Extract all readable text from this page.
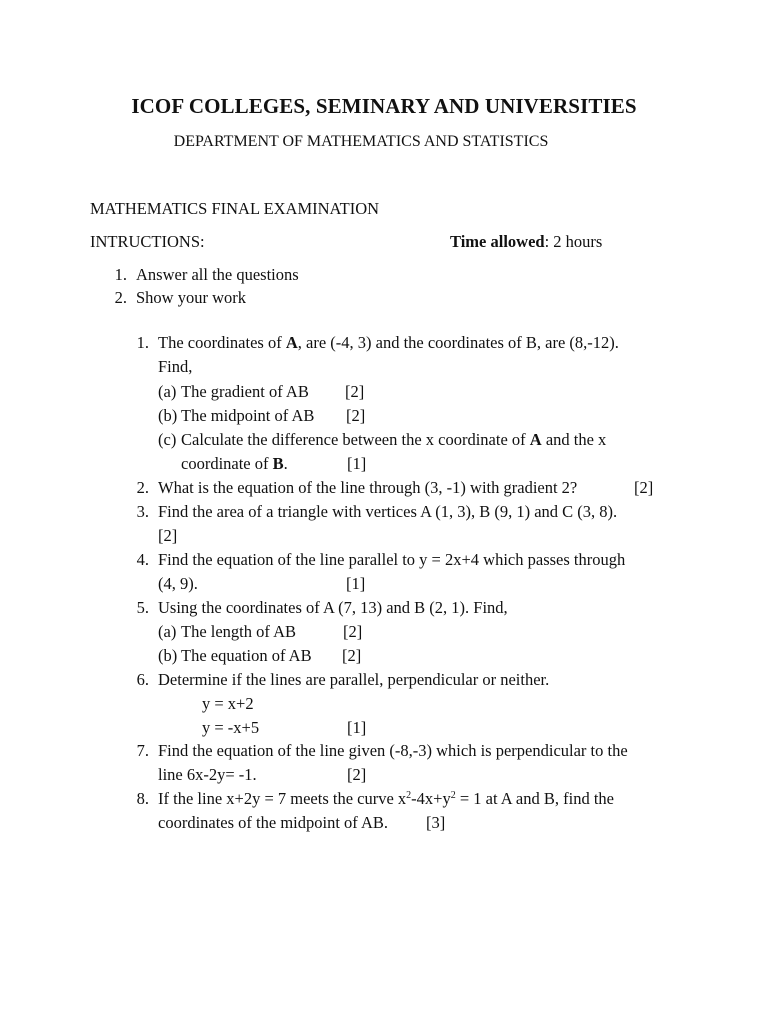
ICOF COLLEGES, SEMINARY AND UNIVERSITIES
DEPARTMENT OF MATHEMATICS AND STATISTICS
MATHEMATICS FINAL EXAMINATION
INTRUCTIONS:	Time allowed: 2 hours
1. Answer all the questions
2. Show your work
1. The coordinates of A, are (-4, 3) and the coordinates of B, are (8,-12).
Find,
(a) The gradient of AB [2]
(b) The midpoint of AB [2]
(c) Calculate the difference between the x coordinate of A and the x
coordinate of B.	[1]
2. What is the equation of the line through (3, -1) with gradient 2?	[2]
3. Find the area of a triangle with vertices A (1, 3), B (9, 1) and C (3, 8).
[2]
4. Find the equation of the line parallel to y = 2x+4 which passes through
(4, 9).	[1]
5. Using the coordinates of A (7, 13) and B (2, 1). Find,
(a) The length of AB	[2]
(b) The equation of AB [2]
6. Determine if the lines are parallel, perpendicular or neither.
y = x+2
y = -x+5	[1]
7. Find the equation of the line given (-8,-3) which is perpendicular to the
line 6x-2y= -1.	[2]
8. If the line x+2y = 7 meets the curve $x^2-4x+y^2 = 1$ at A and B, find the
coordinates of the midpoint of AB. [3]
